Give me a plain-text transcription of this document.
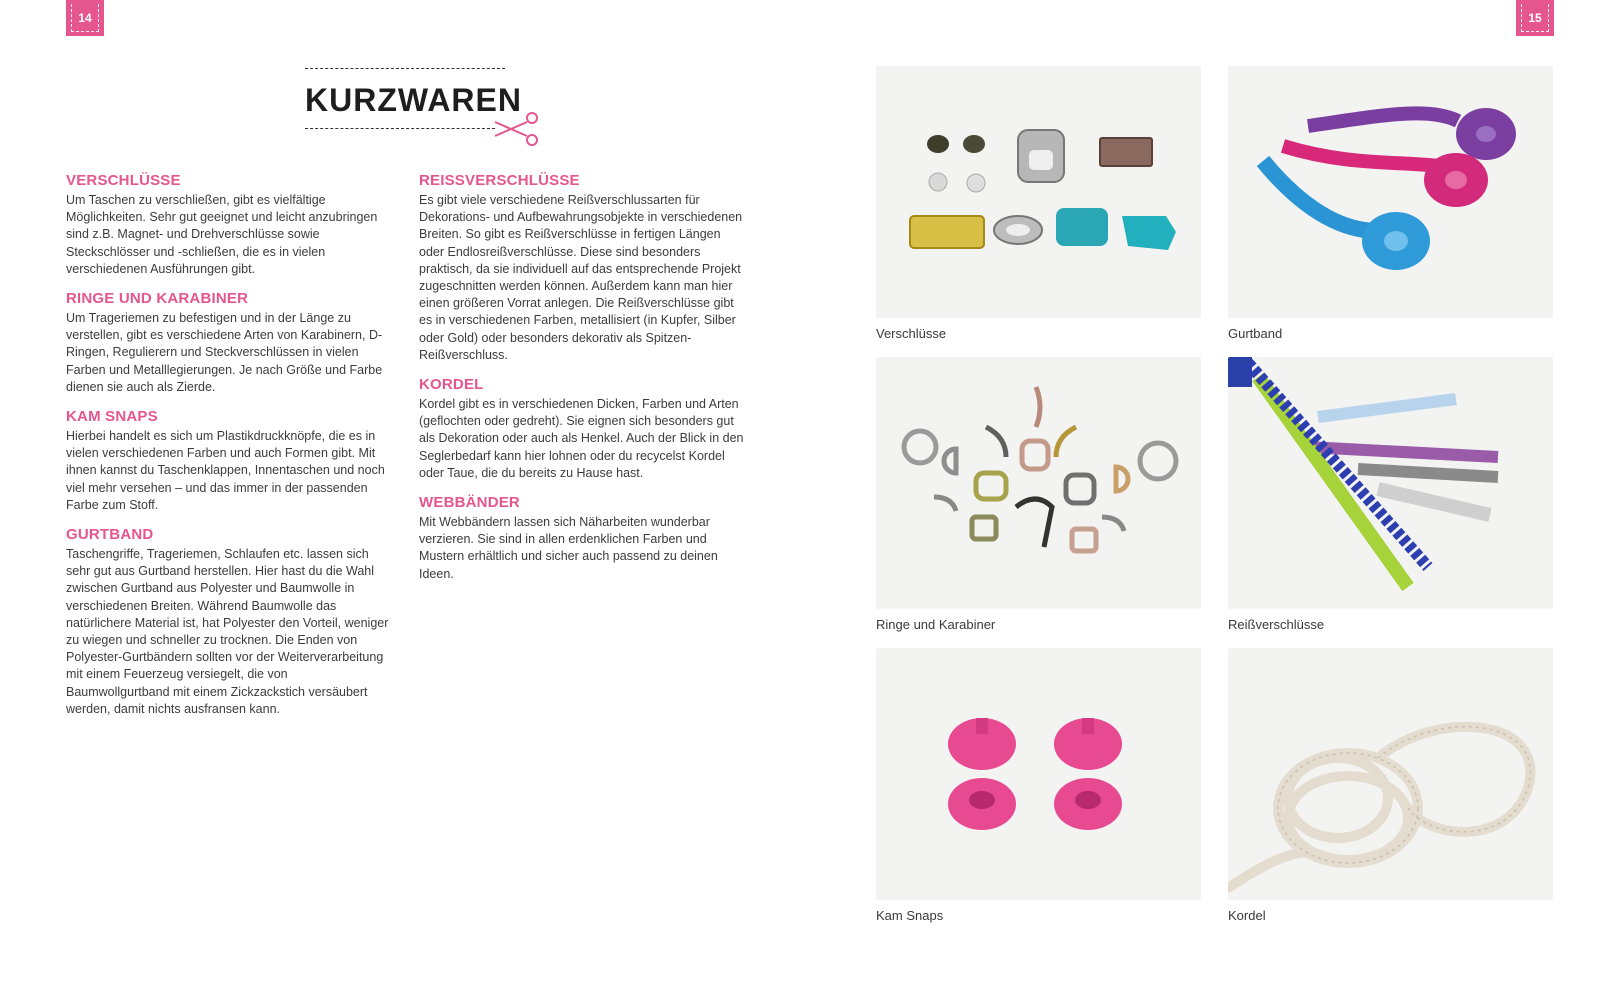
14	15
KURZWAREN
VERSCHLÜSSE

Um Taschen zu verschließen, gibt es vielfältige Möglichkeiten. Sehr gut geeignet und leicht anzubringen sind z.B. Magnet- und Drehverschlüsse sowie Steckschlösser und -schließen, die es in vielen verschiedenen Ausführungen gibt.

RINGE UND KARABINER

Um Trageriemen zu befestigen und in der Länge zu verstellen, gibt es verschiedene Arten von Karabinern, D-Ringen, Regulierern und Steckverschlüssen in vielen Farben und Metalllegierungen. Je nach Größe und Farbe dienen sie auch als Zierde.

KAM SNAPS

Hierbei handelt es sich um Plastikdruckknöpfe, die es in vielen verschiedenen Farben und auch Formen gibt. Mit ihnen kannst du Taschenklappen, Innentaschen und noch viel mehr versehen – und das immer in der passenden Farbe zum Stoff.

GURTBAND

Taschengriffe, Trageriemen, Schlaufen etc. lassen sich sehr gut aus Gurtband herstellen. Hier hast du die Wahl zwischen Gurtband aus Polyester und Baumwolle in verschiedenen Breiten. Während Baumwolle das natürlichere Material ist, hat Polyester den Vorteil, weniger zu wiegen und schneller zu trocknen. Die Enden von Polyester-Gurtbändern sollten vor der Weiterverarbeitung mit einem Feuerzeug versiegelt, die von Baumwollgurtband mit einem Zickzackstich versäubert werden, damit nichts ausfransen kann.

REISSVERSCHLÜSSE

Es gibt viele verschiedene Reißverschlussarten für Dekorations- und Aufbewahrungsobjekte in verschiedenen Breiten. So gibt es Reißverschlüsse in fertigen Längen oder Endlosreißverschlüsse. Diese sind besonders praktisch, da sie individuell auf das entsprechende Projekt zugeschnitten werden können. Außerdem kann man hier einen größeren Vorrat anlegen. Die Reißverschlüsse gibt es in verschiedenen Farben, metallisiert (in Kupfer, Silber oder Gold) oder besonders dekorativ als Spitzen-Reißverschluss.

KORDEL

Kordel gibt es in verschiedenen Dicken, Farben und Arten (geflochten oder gedreht). Sie eignen sich besonders gut als Dekoration oder auch als Henkel. Auch der Blick in den Seglerbedarf kann hier lohnen oder du recycelst Kordel oder Taue, die du bereits zu Hause hast.

WEBBÄNDER

Mit Webbändern lassen sich Näharbeiten wunderbar verzieren. Sie sind in allen erdenklichen Farben und Mustern erhältlich und sicher auch passend zu deinen Ideen.

Verschlüsse	Gurtband
Ringe und Karabiner	Reißverschlüsse
Kam Snaps	Kordel
